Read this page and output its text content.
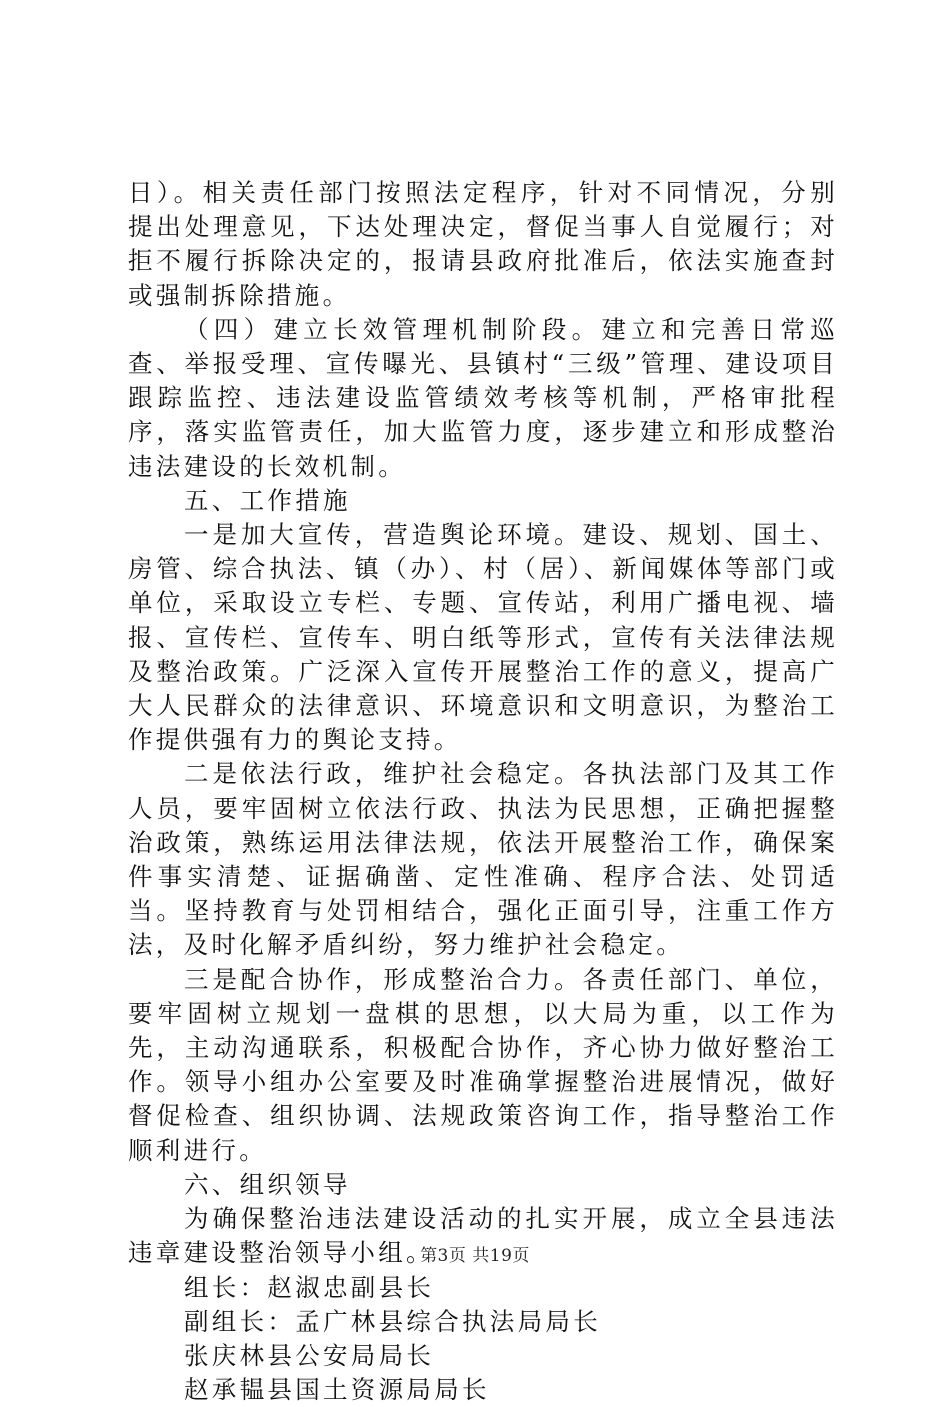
日）。相关责任部门按照法定程序，针对不同情况，分别提出处理意见，下达处理决定，督促当事人自觉履行；对拒不履行拆除决定的，报请县政府批准后，依法实施查封或强制拆除措施。

（四）建立长效管理机制阶段。建立和完善日常巡查、举报受理、宣传曝光、县镇村“三级”管理、建设项目跟踪监控、违法建设监管绩效考核等机制，严格审批程序，落实监管责任，加大监管力度，逐步建立和形成整治违法建设的长效机制。

五、工作措施

一是加大宣传，营造舆论环境。建设、规划、国土、房管、综合执法、镇（办）、村（居）、新闻媒体等部门或单位，采取设立专栏、专题、宣传站，利用广播电视、墙报、宣传栏、宣传车、明白纸等形式，宣传有关法律法规及整治政策。广泛深入宣传开展整治工作的意义，提高广大人民群众的法律意识、环境意识和文明意识，为整治工作提供强有力的舆论支持。

二是依法行政，维护社会稳定。各执法部门及其工作人员，要牢固树立依法行政、执法为民思想，正确把握整治政策，熟练运用法律法规，依法开展整治工作，确保案件事实清楚、证据确凿、定性准确、程序合法、处罚适当。坚持教育与处罚相结合，强化正面引导，注重工作方法，及时化解矛盾纠纷，努力维护社会稳定。

三是配合协作，形成整治合力。各责任部门、单位，要牢固树立规划一盘棋的思想，以大局为重，以工作为先，主动沟通联系，积极配合协作，齐心协力做好整治工作。领导小组办公室要及时准确掌握整治进展情况，做好督促检查、组织协调、法规政策咨询工作，指导整治工作顺利进行。

六、组织领导

为确保整治违法建设活动的扎实开展，成立全县违法违章建设整治领导小组。

组长：赵淑忠副县长

副组长：孟广林县综合执法局局长

张庆林县公安局局长

赵承韫县国土资源局局长

第3页 共19页
